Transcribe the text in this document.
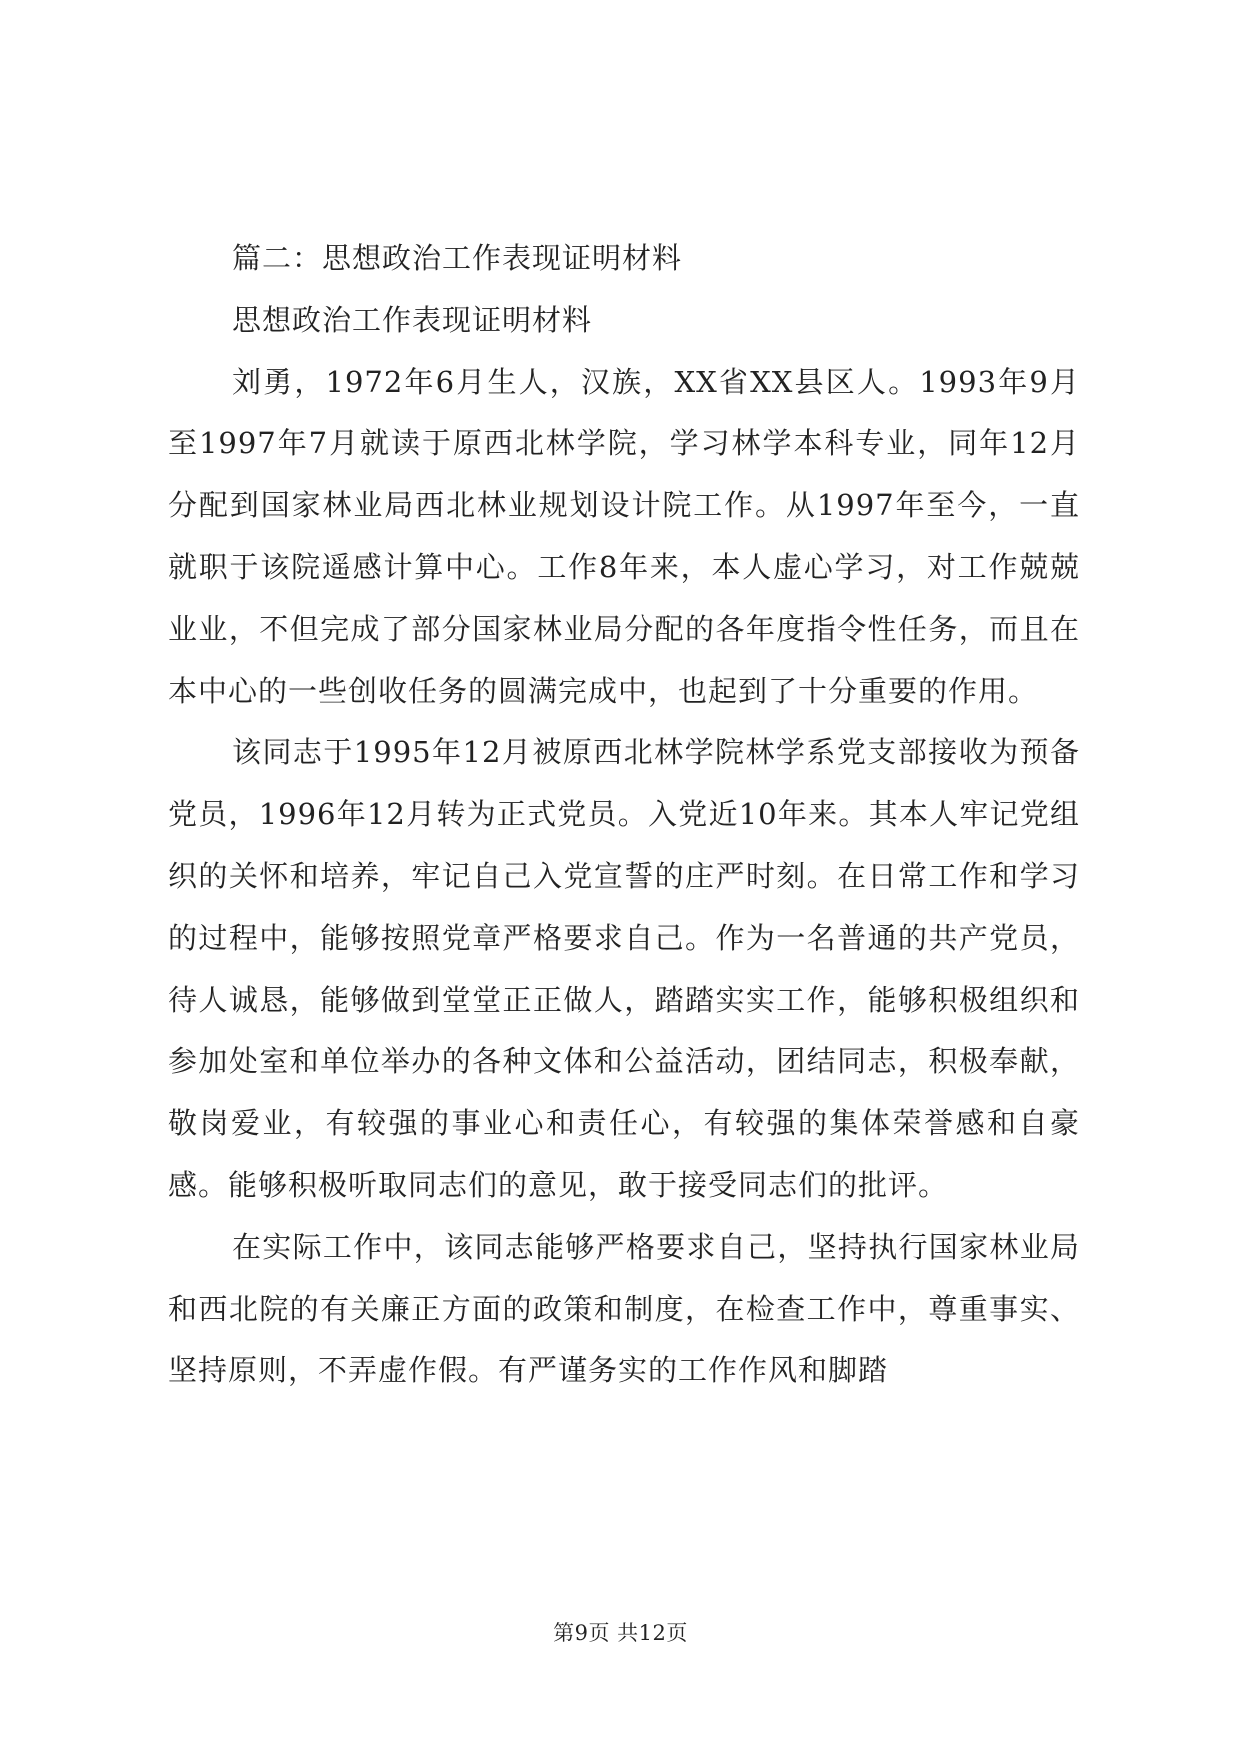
篇二：思想政治工作表现证明材料

思想政治工作表现证明材料

刘勇，1972年6月生人，汉族，XX省XX县区人。1993年9月至1997年7月就读于原西北林学院，学习林学本科专业，同年12月分配到国家林业局西北林业规划设计院工作。从1997年至今，一直就职于该院遥感计算中心。工作8年来，本人虚心学习，对工作兢兢业业，不但完成了部分国家林业局分配的各年度指令性任务，而且在本中心的一些创收任务的圆满完成中，也起到了十分重要的作用。

该同志于1995年12月被原西北林学院林学系党支部接收为预备党员，1996年12月转为正式党员。入党近10年来。其本人牢记党组织的关怀和培养，牢记自己入党宣誓的庄严时刻。在日常工作和学习的过程中，能够按照党章严格要求自己。作为一名普通的共产党员，待人诚恳，能够做到堂堂正正做人，踏踏实实工作，能够积极组织和参加处室和单位举办的各种文体和公益活动，团结同志，积极奉献，敬岗爱业，有较强的事业心和责任心，有较强的集体荣誉感和自豪感。能够积极听取同志们的意见，敢于接受同志们的批评。

在实际工作中，该同志能够严格要求自己，坚持执行国家林业局和西北院的有关廉正方面的政策和制度，在检查工作中，尊重事实、坚持原则，不弄虚作假。有严谨务实的工作作风和脚踏

第9页 共12页
